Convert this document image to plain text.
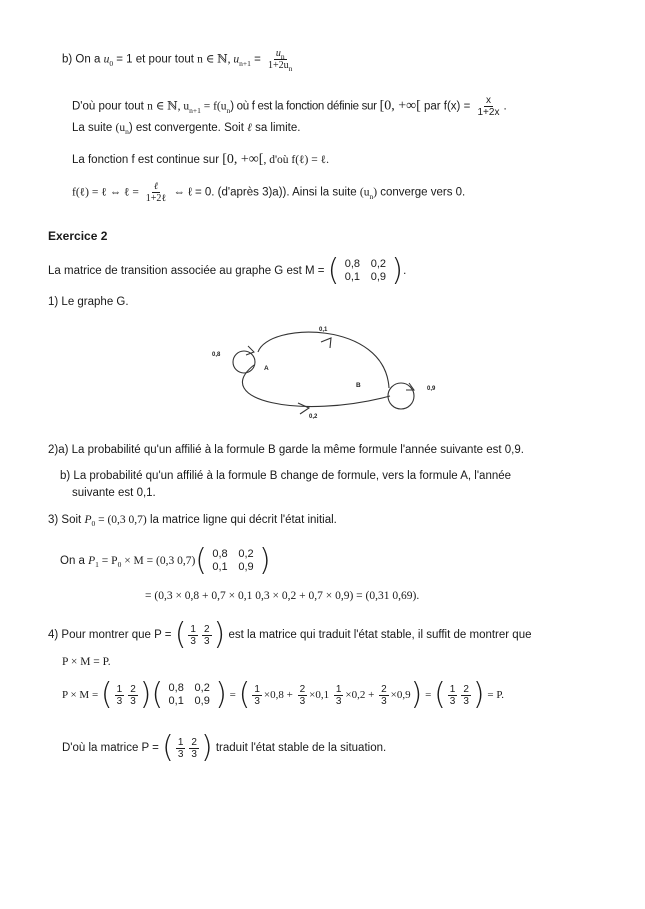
b) On a $u_0 = 1$ et pour tout n ∈ ℕ, $u_{n+1} = \frac{u_n}{1+2u_n}$
D'où pour tout n ∈ ℕ, $u_{n+1} = f(u_n)$ où f est la fonction définie sur [0, +∞[ par $f(x) = \frac{x}{1+2x}$ .
La suite $(u_n)$ est convergente. Soit ℓ sa limite.
La fonction f est continue sur [0, +∞[, d'où f(ℓ) = ℓ.
f(ℓ) = ℓ ⇔ ℓ = $\frac{\text{ℓ}}{\text{1+2ℓ}}$ ⇔ ℓ = 0. (d'après 3)a)). Ainsi la suite $(u_n)$ converge vers 0.
Exercice 2
La matrice de transition associée au graphe G est M = ( 0,8 0,2
0,1 0,9 ).
1) Le graphe G.
A
B
0,8
0,9
0,1
0,2
2)a) La probabilité qu'un affilié à la formule B garde la même formule l'année suivante est 0,9.
b) La probabilité qu'un affilié à la formule B change de formule, vers la formule A, l'année
suivante est 0,1.
3) Soit $P_0 = (0,3$ 0,7) la matrice ligne qui décrit l'état initial.
On a $P_1 = P_0 \times M = (0,3$ 0,7)( 0,8 0,2
0,1 0,9 )
= (0,3 × 0,8 + 0,7 × 0,1 0,3 × 0,2 + 0,7 × 0,9) = (0,31 0,69).
4) Pour montrer que P = ( $\frac{1}{3} \frac{2}{3}$ ) est la matrice qui traduit l'état stable, il suffit de montrer que
P × M = P.
P × M = ( $\frac{1}{3} \frac{2}{3}$ )( 0,8 0,2
0,1 0,9 ) = ( $\frac{1}{3} \times 0,8 + \frac{2}{3} \times 0,1 \frac{1}{3} \times 0,2 + \frac{2}{3} \times 0,9$) = ( $\frac{1}{3} \frac{2}{3}$ ) = P.
D'où la matrice P = ( $\frac{1}{3} \frac{2}{3}$ ) traduit l'état stable de la situation.
